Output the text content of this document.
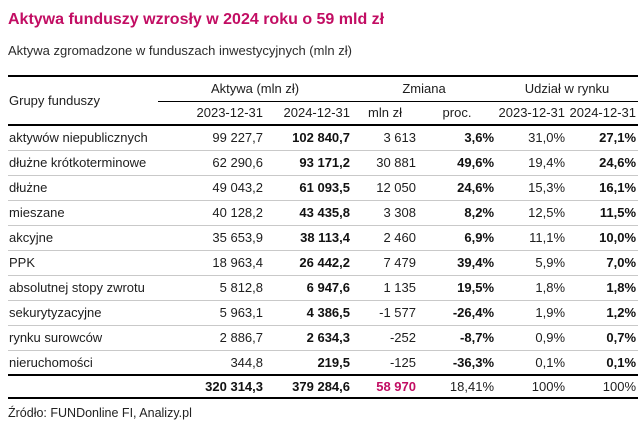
Aktywa funduszy wzrosły w 2024 roku o 59 mld zł

Aktywa zgromadzone w funduszach inwestycyjnych (mln zł)

Grupy funduszy	Aktywa (mln zł)		Zmiana		Udział w rynku	
	2023-12-31	2024-12-31	mln zł	proc.	2023-12-31	2024-12-31
aktywów niepublicznych	99 227,7	102 840,7	3 613	3,6%	31,0%	27,1%
dłużne krótkoterminowe	62 290,6	93 171,2	30 881	49,6%	19,4%	24,6%
dłużne	49 043,2	61 093,5	12 050	24,6%	15,3%	16,1%
mieszane	40 128,2	43 435,8	3 308	8,2%	12,5%	11,5%
akcyjne	35 653,9	38 113,4	2 460	6,9%	11,1%	10,0%
PPK	18 963,4	26 442,2	7 479	39,4%	5,9%	7,0%
absolutnej stopy zwrotu	5 812,8	6 947,6	1 135	19,5%	1,8%	1,8%
sekurytyzacyjne	5 963,1	4 386,5	-1 577	-26,4%	1,9%	1,2%
rynku surowców	2 886,7	2 634,3	-252	-8,7%	0,9%	0,7%
nieruchomości	344,8	219,5	-125	-36,3%	0,1%	0,1%
	320 314,3	379 284,6	58 970	18,41%	100%	100%

Źródło: FUNDonline FI, Analizy.pl
